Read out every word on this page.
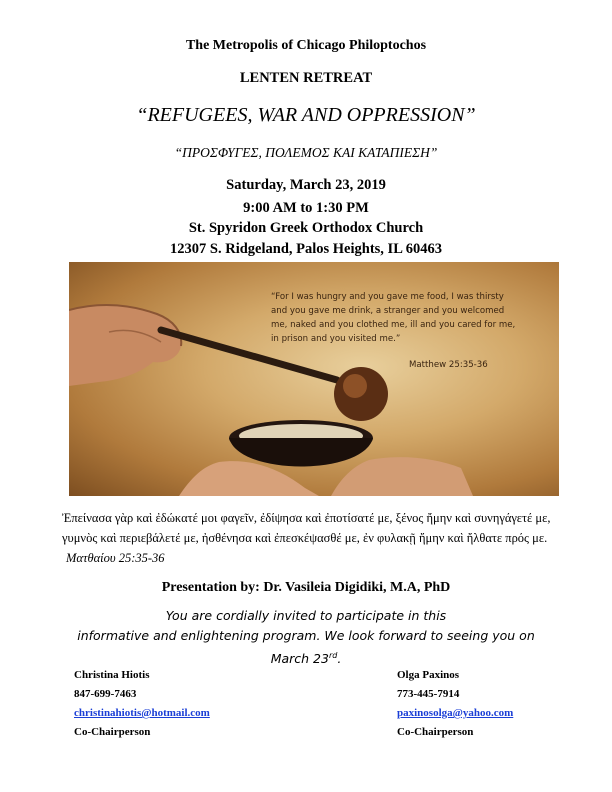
The Metropolis of Chicago Philoptochos
LENTEN RETREAT
“REFUGEES, WAR AND OPPRESSION”
“ΠΡΟΣΦΥΓΕΣ, ΠΟΛΕΜΟΣ ΚΑΙ ΚΑΤΑΠΙΕΣΗ”
Saturday, March 23, 2019
9:00 AM to 1:30 PM
St. Spyridon Greek Orthodox Church
12307 S. Ridgeland, Palos Heights, IL 60463
“For I was hungry and you gave me food, I was thirsty and you gave me drink, a stranger and you welcomed me, naked and you clothed me, ill and you cared for me, in prison and you visited me.”
Matthew 25:35-36
Ἐπείνασα γὰρ καὶ ἐδώκατέ μοι φαγεῖν, ἐδίψησα καὶ ἐποτίσατέ με, ξένος ἤμην καὶ συνηγάγετέ με, γυμνὸς καὶ περιεβάλετέ με, ἠσθένησα καὶ ἐπεσκέψασθέ με, ἐν φυλακῇ ἤμην καὶ ἤλθατε πρός με. Ματθαίου 25:35-36
Presentation by: Dr. Vasileia Digidiki, M.A, PhD
You are cordially invited to participate in this
informative and enlightening program. We look forward to seeing you on
March 23rd.
Christina Hiotis
847-699-7463
christinahiotis@hotmail.com
Co-Chairperson
Olga Paxinos
773-445-7914
paxinosolga@yahoo.com
Co-Chairperson
